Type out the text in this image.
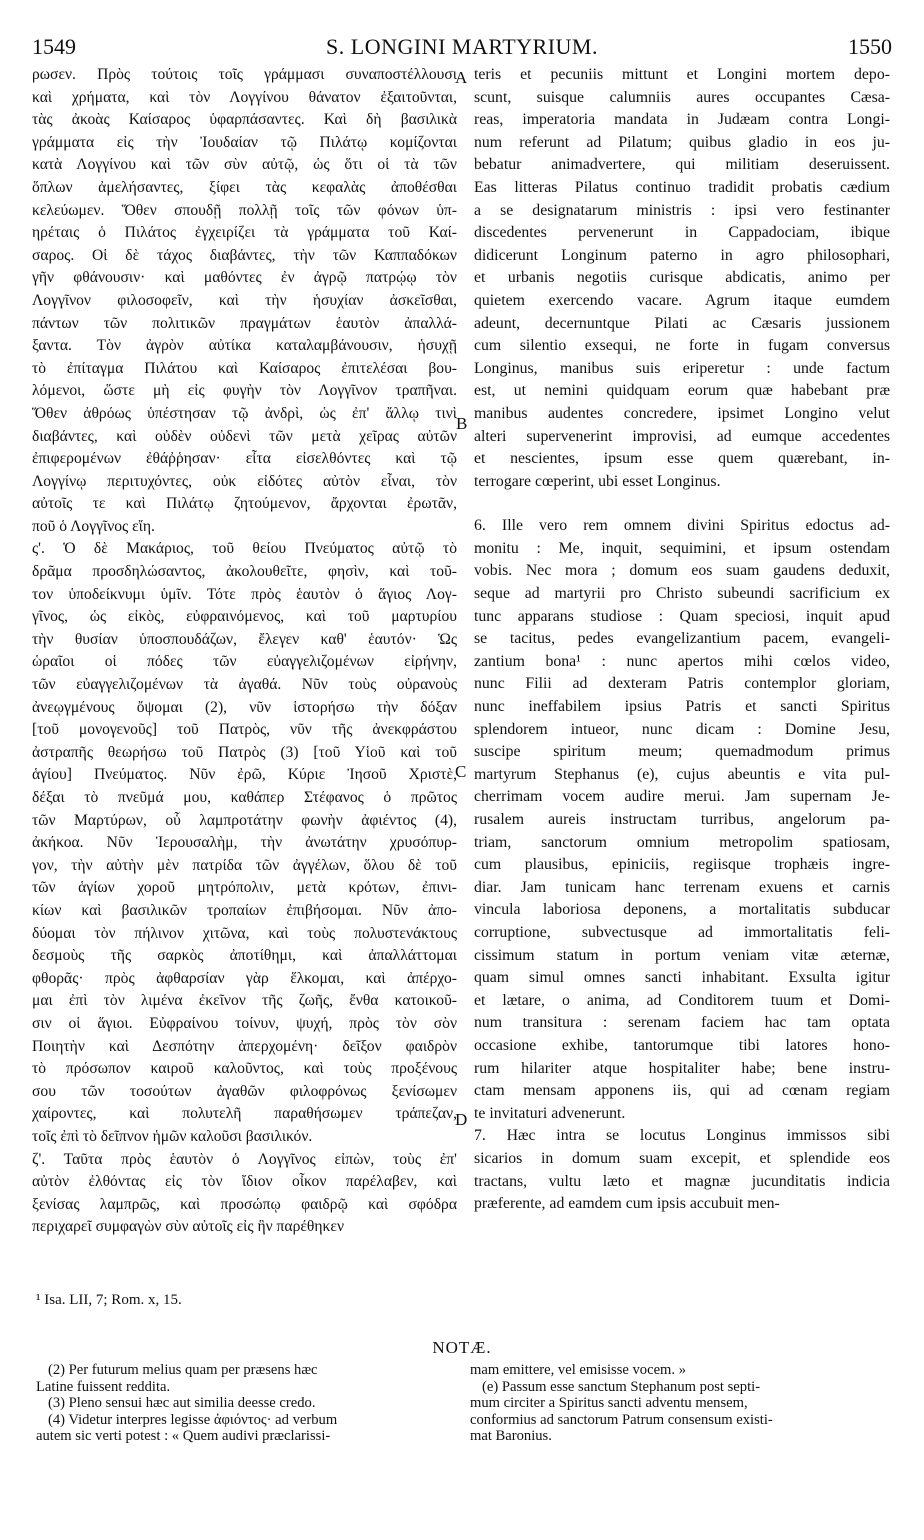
1549	S. LONGINI MARTYRIUM.	1550
A
B
C
D
ρωσεν. Πρὸς τούτοις τοῖς γράμμασι συναποστέλλουσι
καὶ χρήματα, καὶ τὸν Λογγίνου θάνατον ἐξαιτοῦνται,
τὰς ἀκοὰς Καίσαρος ὑφαρπάσαντες. Καὶ δὴ βασιλικὰ
γράμματα εἰς τὴν Ἰουδαίαν τῷ Πιλάτῳ κομίζονται
κατὰ Λογγίνου καὶ τῶν σὺν αὐτῷ, ὡς ὅτι οἱ τὰ τῶν
ὅπλων ἀμελήσαντες, ξίφει τὰς κεφαλὰς ἀποθέσθαι
κελεύωμεν. Ὅθεν σπουδῇ πολλῇ τοῖς τῶν φόνων ὑπ-
ηρέταις ὁ Πιλάτος ἐγχειρίζει τὰ γράμματα τοῦ Καί-
σαρος. Οἱ δὲ τάχος διαβάντες, τὴν τῶν Καππαδόκων
γῆν φθάνουσιν· καὶ μαθόντες ἐν ἀγρῷ πατρῴῳ τὸν
Λογγῖνον φιλοσοφεῖν, καὶ τὴν ἡσυχίαν ἀσκεῖσθαι,
πάντων τῶν πολιτικῶν πραγμάτων ἑαυτὸν ἀπαλλά-
ξαντα. Τὸν ἀγρὸν αὐτίκα καταλαμβάνουσιν, ἡσυχῇ
τὸ ἐπίταγμα Πιλάτου καὶ Καίσαρος ἐπιτελέσαι βου-
λόμενοι, ὥστε μὴ εἰς φυγὴν τὸν Λογγῖνον τραπῆναι.
Ὅθεν ἀθρόως ὑπέστησαν τῷ ἀνδρὶ, ὡς ἐπ' ἄλλῳ τινὶ
διαβάντες, καὶ οὐδὲν οὐδενὶ τῶν μετὰ χεῖρας αὐτῶν
ἐπιφερομένων ἐθάῤῥησαν· εἶτα εἰσελθόντες καὶ τῷ
Λογγίνῳ περιτυχόντες, οὐκ εἰδότες αὐτὸν εἶναι, τὸν
αὐτοῖς τε καὶ Πιλάτῳ ζητούμενον, ἄρχονται ἐρωτᾶν,
ποῦ ὁ Λογγῖνος εἴη.
ς'. Ὁ δὲ Μακάριος, τοῦ θείου Πνεύματος αὐτῷ τὸ
δρᾶμα προσδηλώσαντος, ἀκολουθεῖτε, φησὶν, καὶ τοῦ-
τον ὑποδείκνυμι ὑμῖν. Τότε πρὸς ἑαυτὸν ὁ ἅγιος Λογ-
γῖνος, ὡς εἰκὸς, εὐφραινόμενος, καὶ τοῦ μαρτυρίου
τὴν θυσίαν ὑποσπουδάζων, ἔλεγεν καθ' ἑαυτόν· Ὡς
ὡραῖοι οἱ πόδες τῶν εὐαγγελιζομένων εἰρήνην,
τῶν εὐαγγελιζομένων τὰ ἀγαθά. Νῦν τοὺς οὐρανοὺς
ἀνεῳγμένους ὄψομαι (2), νῦν ἱστορήσω τὴν δόξαν
[τοῦ μονογενοῦς] τοῦ Πατρὸς, νῦν τῆς ἀνεκφράστου
ἀστραπῆς θεωρήσω τοῦ Πατρὸς (3) [τοῦ Υἱοῦ καὶ τοῦ
ἁγίου] Πνεύματος. Νῦν ἐρῶ, Κύριε Ἰησοῦ Χριστὲ,
δέξαι τὸ πνεῦμά μου, καθάπερ Στέφανος ὁ πρῶτος
τῶν Μαρτύρων, οὗ λαμπροτάτην φωνὴν ἀφιέντος (4),
ἀκήκοα. Νῦν Ἱερουσαλὴμ, τὴν ἀνωτάτην χρυσόπυρ-
γον, τὴν αὐτὴν μὲν πατρίδα τῶν ἀγγέλων, ὅλου δὲ τοῦ
τῶν ἁγίων χοροῦ μητρόπολιν, μετὰ κρότων, ἐπινι-
κίων καὶ βασιλικῶν τροπαίων ἐπιβήσομαι. Νῦν ἀπο-
δύομαι τὸν πήλινον χιτῶνα, καὶ τοὺς πολυστενάκτους
δεσμοὺς τῆς σαρκὸς ἀποτίθημι, καὶ ἀπαλλάττομαι
φθορᾶς· πρὸς ἀφθαρσίαν γὰρ ἕλκομαι, καὶ ἀπέρχο-
μαι ἐπὶ τὸν λιμένα ἐκεῖνον τῆς ζωῆς, ἔνθα κατοικοῦ-
σιν οἱ ἅγιοι. Εὐφραίνου τοίνυν, ψυχή, πρὸς τὸν σὸν
Ποιητὴν καὶ Δεσπότην ἀπερχομένη· δεῖξον φαιδρὸν
τὸ πρόσωπον καιροῦ καλοῦντος, καὶ τοὺς προξένους
σου τῶν τοσούτων ἀγαθῶν φιλοφρόνως ξενίσωμεν
χαίροντες, καὶ πολυτελῆ παραθήσωμεν τράπεζαν,
τοῖς ἐπὶ τὸ δεῖπνον ἡμῶν καλοῦσι βασιλικόν.
ζ'. Ταῦτα πρὸς ἑαυτὸν ὁ Λογγῖνος εἰπὼν, τοὺς ἐπ'
αὐτὸν ἐλθόντας εἰς τὸν ἴδιον οἶκον παρέλαβεν, καὶ
ξενίσας λαμπρῶς, καὶ προσώπῳ φαιδρῷ καὶ σφόδρα
περιχαρεῖ συμφαγὼν σὺν αὐτοῖς εἰς ἣν παρέθηκεν
teris et pecuniis mittunt et Longini mortem depo-
scunt, suisque calumniis aures occupantes Cæsa-
reas, imperatoria mandata in Judæam contra Longi-
num referunt ad Pilatum; quibus gladio in eos ju-
bebatur animadvertere, qui militiam deseruissent.
Eas litteras Pilatus continuo tradidit probatis cædium
a se designatarum ministris : ipsi vero festinanter
discedentes pervenerunt in Cappadociam, ibique
didicerunt Longinum paterno in agro philosophari,
et urbanis negotiis curisque abdicatis, animo per
quietem exercendo vacare. Agrum itaque eumdem
adeunt, decernuntque Pilati ac Cæsaris jussionem
cum silentio exsequi, ne forte in fugam conversus
Longinus, manibus suis eriperetur : unde factum
est, ut nemini quidquam eorum quæ habebant præ
manibus audentes concredere, ipsimet Longino velut
alteri supervenerint improvisi, ad eumque accedentes
et nescientes, ipsum esse quem quærebant, in-
terrogare cœperint, ubi esset Longinus.
6. Ille vero rem omnem divini Spiritus edoctus ad-
monitu : Me, inquit, sequimini, et ipsum ostendam
vobis. Nec mora ; domum eos suam gaudens deduxit,
seque ad martyrii pro Christo subeundi sacrificium ex
tunc apparans studiose : Quam speciosi, inquit apud
se tacitus, pedes evangelizantium pacem, evangeli-
zantium bona¹ : nunc apertos mihi cœlos video,
nunc Filii ad dexteram Patris contemplor gloriam,
nunc ineffabilem ipsius Patris et sancti Spiritus
splendorem intueor, nunc dicam : Domine Jesu,
suscipe spiritum meum; quemadmodum primus
martyrum Stephanus (e), cujus abeuntis e vita pul-
cherrimam vocem audire merui. Jam supernam Je-
rusalem aureis instructam turribus, angelorum pa-
triam, sanctorum omnium metropolim spatiosam,
cum plausibus, epiniciis, regiisque trophæis ingre-
diar. Jam tunicam hanc terrenam exuens et carnis
vincula laboriosa deponens, a mortalitatis subducar
corruptione, subvectusque ad immortalitatis feli-
cissimum statum in portum veniam vitæ æternæ,
quam simul omnes sancti inhabitant. Exsulta igitur
et lætare, o anima, ad Conditorem tuum et Domi-
num transitura : serenam faciem hac tam optata
occasione exhibe, tantorumque tibi latores hono-
rum hilariter atque hospitaliter habe; bene instru-
ctam mensam apponens iis, qui ad cœnam regiam
te invitaturi advenerunt.
7. Hæc intra se locutus Longinus immissos sibi
sicarios in domum suam excepit, et splendide eos
tractans, vultu læto et magnæ jucunditatis indicia
præferente, ad eamdem cum ipsis accubuit men-
¹ Isa. LII, 7; Rom. x, 15.
NOTÆ.
(2) Per futurum melius quam per præsens hæc
Latine fuissent reddita.
(3) Pleno sensui hæc aut similia deesse credo.
(4) Videtur interpres legisse ἀφιόντος· ad verbum
autem sic verti potest : « Quem audivi præclarissi-
mam emittere, vel emisisse vocem. »
(e) Passum esse sanctum Stephanum post septi-
mum circiter a Spiritus sancti adventu mensem,
conformius ad sanctorum Patrum consensum existi-
mat Baronius.
